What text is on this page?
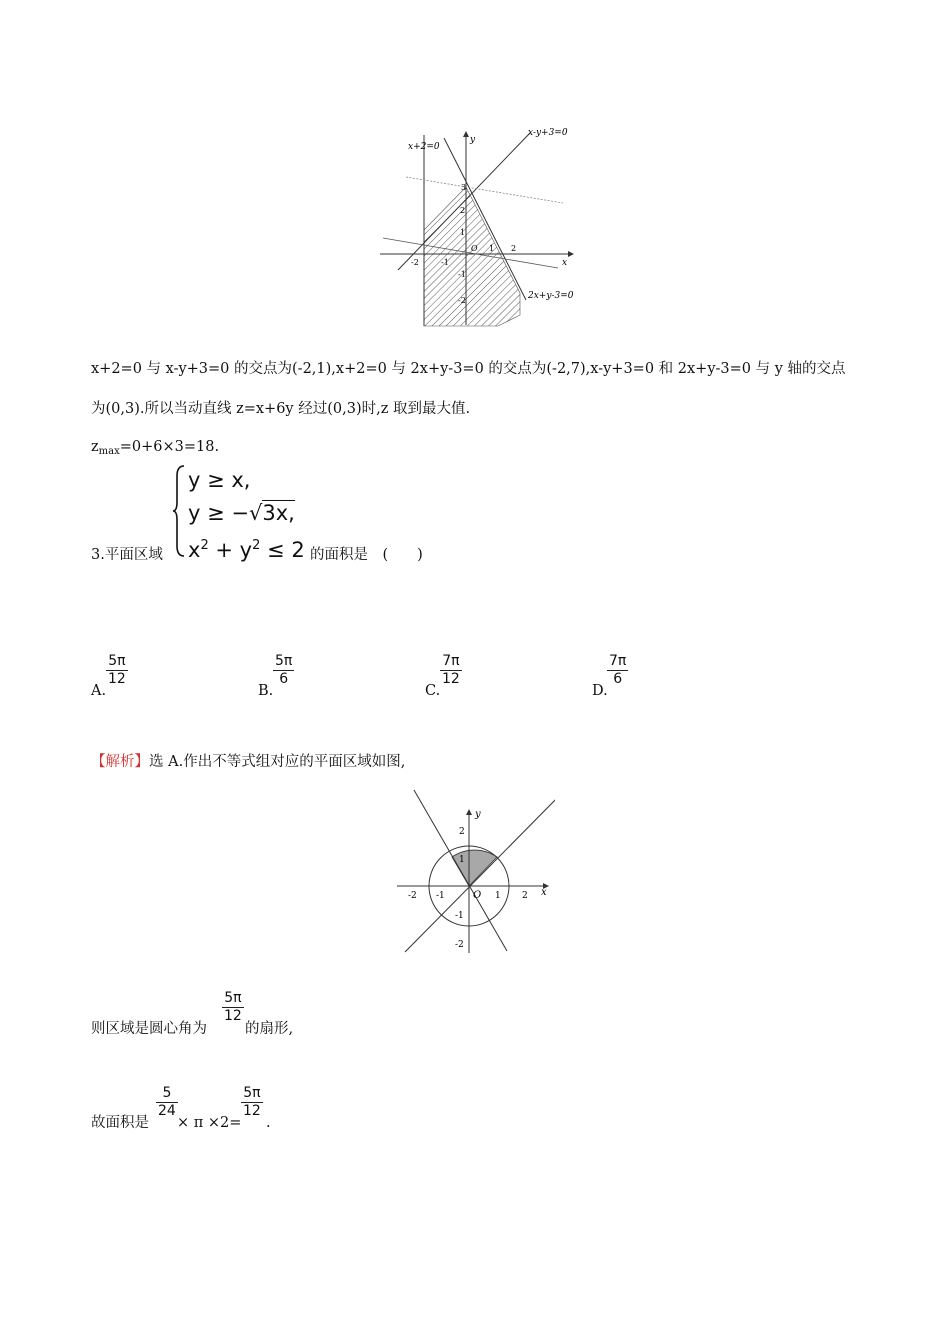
x+2=0
x-y+3=0
2x+y-3=0
x
y
O
3
2
1
-1
-2
1 2
-2	-1
x+2=0 与 x-y+3=0 的交点为(-2,1),x+2=0 与 2x+y-3=0 的交点为(-2,7),x-y+3=0 和 2x+y-3=0 与 y 轴的交点
为(0,3).所以当动直线 z=x+6y 经过(0,3)时,z 取到最大值.
$z_{max}=0+6\times 3=18$.
y ≥ x,
y ≥ −√3x,
$x^2 + y^2 \le 2$
3.平面区域	的面积是　(　　)
A.
5π
12
B.
5π
6
C.
7π
12
D.
7π
6
【解析】选 A.作出不等式组对应的平面区域如图,
x
y
O
2
1
-1
-2
-2 -1	1 2
则区域是圆心角为
5π
12
的扇形,
故面积是
5
24
× π ×2=
5π
12
.
